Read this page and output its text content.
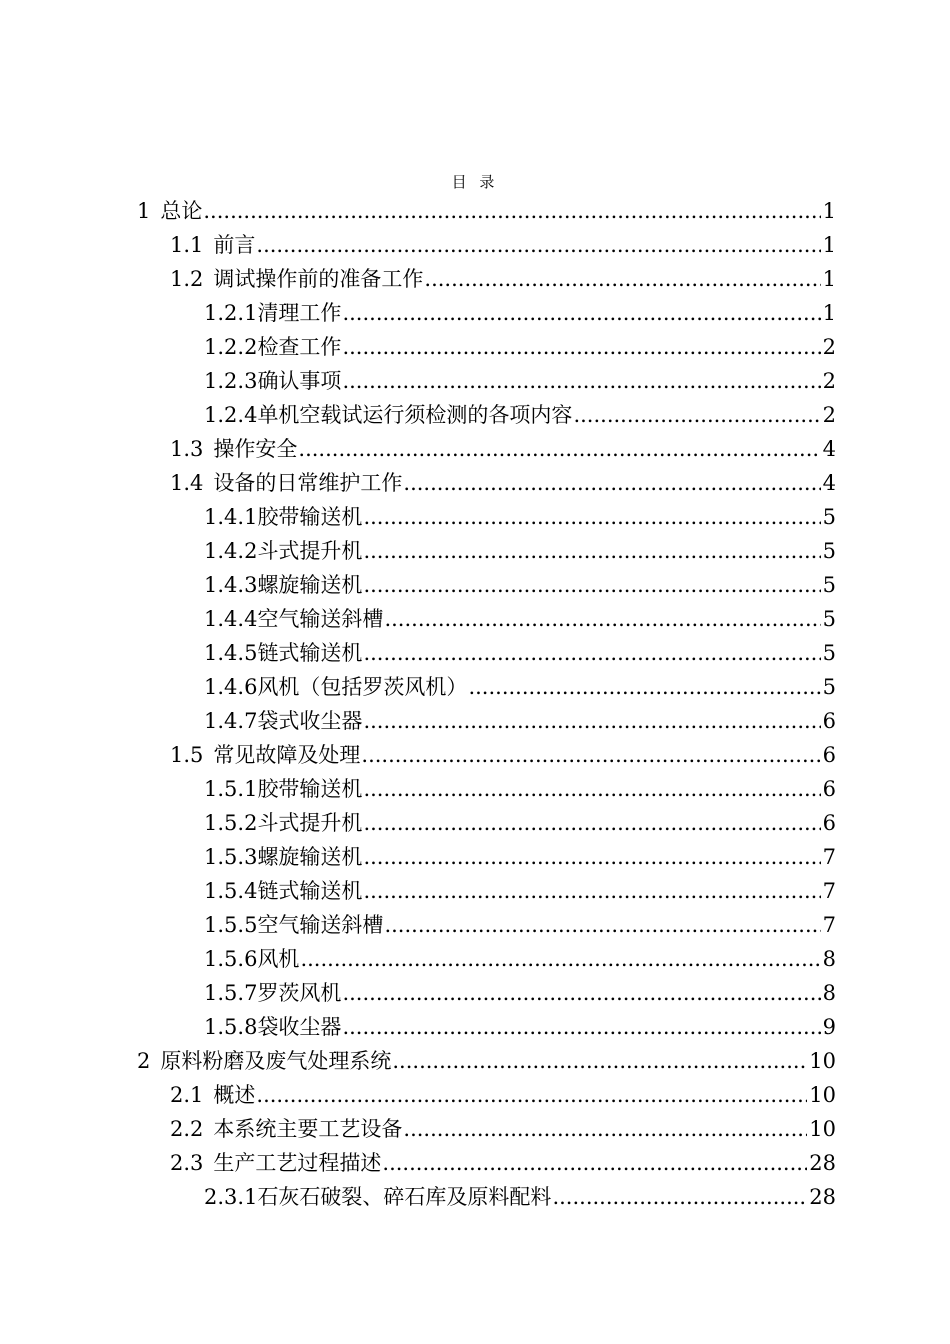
目 录
1 总论 .....	1
1.1 前言 .....	1
1.2 调试操作前的准备工作 .....	1
1.2.1 清理工作 .....	1
1.2.2 检查工作 .....	2
1.2.3 确认事项 .....	2
1.2.4 单机空载试运行须检测的各项内容 .....	2
1.3 操作安全 .....	4
1.4 设备的日常维护工作 .....	4
1.4.1 胶带输送机 .....	5
1.4.2 斗式提升机 .....	5
1.4.3 螺旋输送机 .....	5
1.4.4 空气输送斜槽 .....	5
1.4.5 链式输送机 .....	5
1.4.6 风机（包括罗茨风机） .....	5
1.4.7 袋式收尘器 .....	6
1.5 常见故障及处理 .....	6
1.5.1 胶带输送机 .....	6
1.5.2 斗式提升机 .....	6
1.5.3 螺旋输送机 .....	7
1.5.4 链式输送机 .....	7
1.5.5 空气输送斜槽 .....	7
1.5.6 风机 .....	8
1.5.7 罗茨风机 .....	8
1.5.8 袋收尘器 .....	9
2 原料粉磨及废气处理系统 .....	10
2.1 概述 .....	10
2.2 本系统主要工艺设备 .....	10
2.3 生产工艺过程描述 .....	28
2.3.1 石灰石破裂、碎石库及原料配料 .....	28
